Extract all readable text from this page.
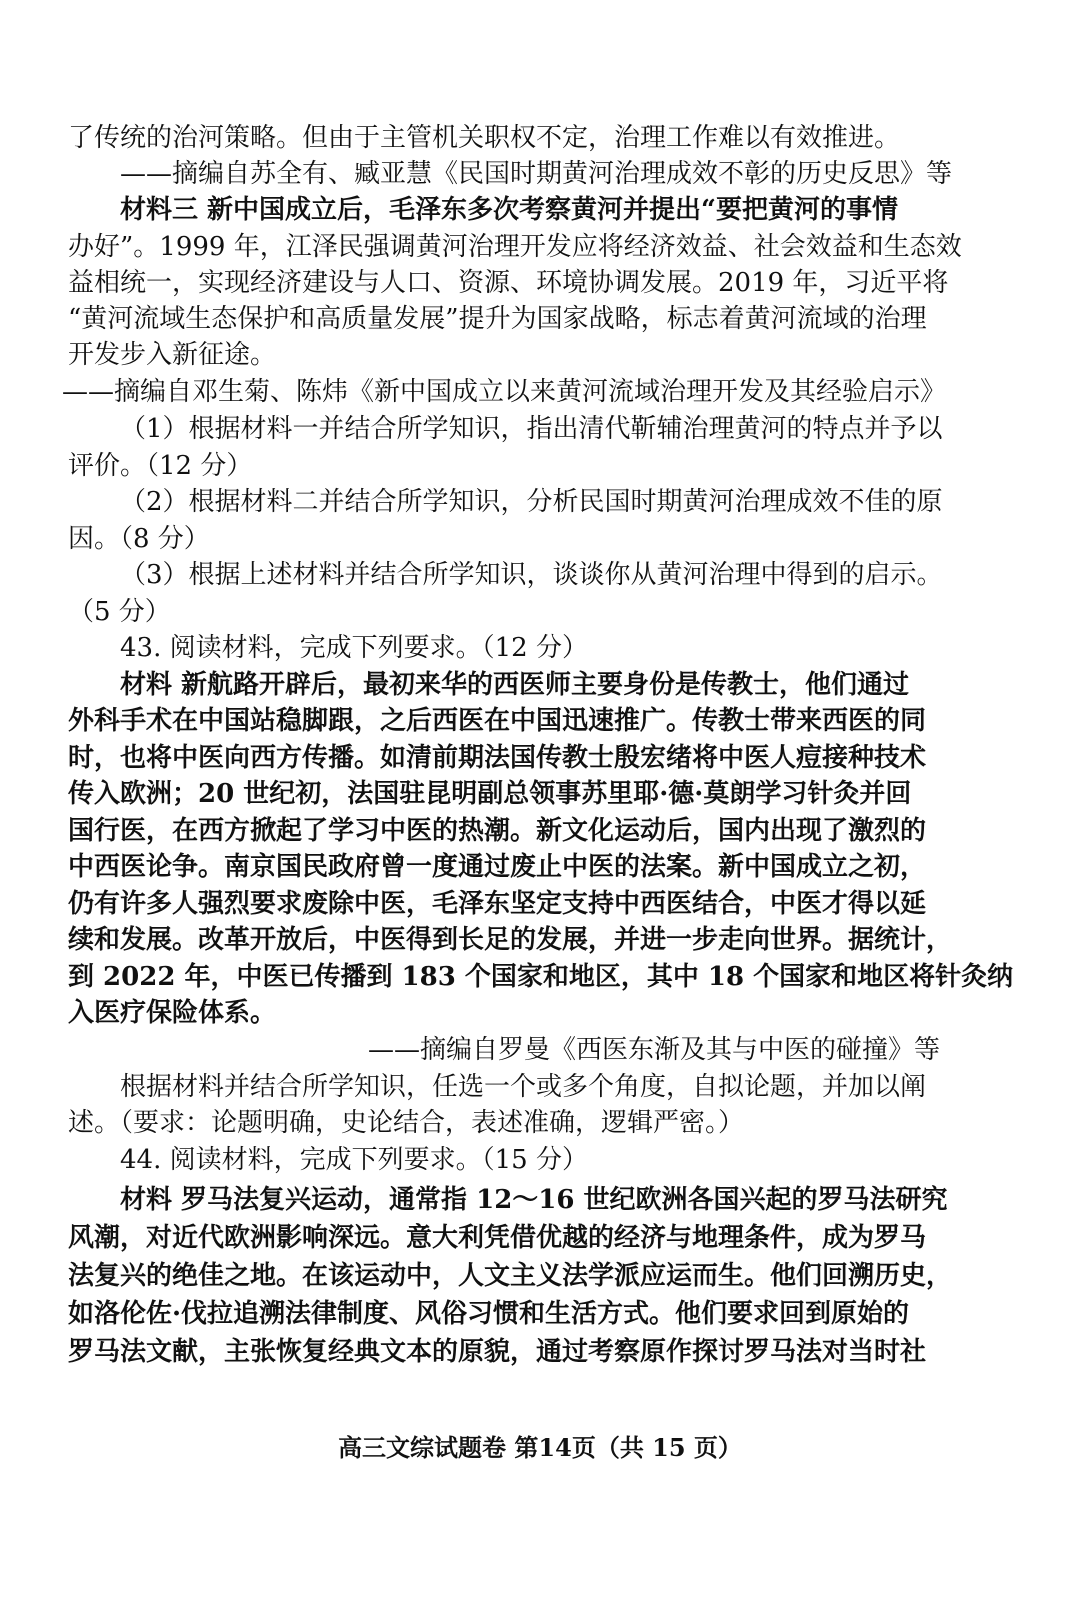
了传统的治河策略。但由于主管机关职权不定，治理工作难以有效推进。
——摘编自苏全有、臧亚慧《民国时期黄河治理成效不彰的历史反思》等
材料三 新中国成立后，毛泽东多次考察黄河并提出“要把黄河的事情
办好”。1999 年，江泽民强调黄河治理开发应将经济效益、社会效益和生态效
益相统一，实现经济建设与人口、资源、环境协调发展。2019 年，习近平将
“黄河流域生态保护和高质量发展”提升为国家战略，标志着黄河流域的治理
开发步入新征途。
——摘编自邓生菊、陈炜《新中国成立以来黄河流域治理开发及其经验启示》
（1）根据材料一并结合所学知识，指出清代靳辅治理黄河的特点并予以
评价。（12 分）
（2）根据材料二并结合所学知识，分析民国时期黄河治理成效不佳的原
因。（8 分）
（3）根据上述材料并结合所学知识，谈谈你从黄河治理中得到的启示。
（5 分）
43. 阅读材料，完成下列要求。（12 分）
材料 新航路开辟后，最初来华的西医师主要身份是传教士，他们通过
外科手术在中国站稳脚跟，之后西医在中国迅速推广。传教士带来西医的同
时，也将中医向西方传播。如清前期法国传教士殷宏绪将中医人痘接种技术
传入欧洲；20 世纪初，法国驻昆明副总领事苏里耶·德·莫朗学习针灸并回
国行医，在西方掀起了学习中医的热潮。新文化运动后，国内出现了激烈的
中西医论争。南京国民政府曾一度通过废止中医的法案。新中国成立之初，
仍有许多人强烈要求废除中医，毛泽东坚定支持中西医结合，中医才得以延
续和发展。改革开放后，中医得到长足的发展，并进一步走向世界。据统计，
到 2022 年，中医已传播到 183 个国家和地区，其中 18 个国家和地区将针灸纳
入医疗保险体系。
——摘编自罗曼《西医东渐及其与中医的碰撞》等
根据材料并结合所学知识，任选一个或多个角度，自拟论题，并加以阐
述。（要求：论题明确，史论结合，表述准确，逻辑严密。）
44. 阅读材料，完成下列要求。（15 分）
材料 罗马法复兴运动，通常指 12～16 世纪欧洲各国兴起的罗马法研究
风潮，对近代欧洲影响深远。意大利凭借优越的经济与地理条件，成为罗马
法复兴的绝佳之地。在该运动中，人文主义法学派应运而生。他们回溯历史，
如洛伦佐·伐拉追溯法律制度、风俗习惯和生活方式。他们要求回到原始的
罗马法文献，主张恢复经典文本的原貌，通过考察原作探讨罗马法对当时社
高三文综试题卷 第14页（共 15 页）
